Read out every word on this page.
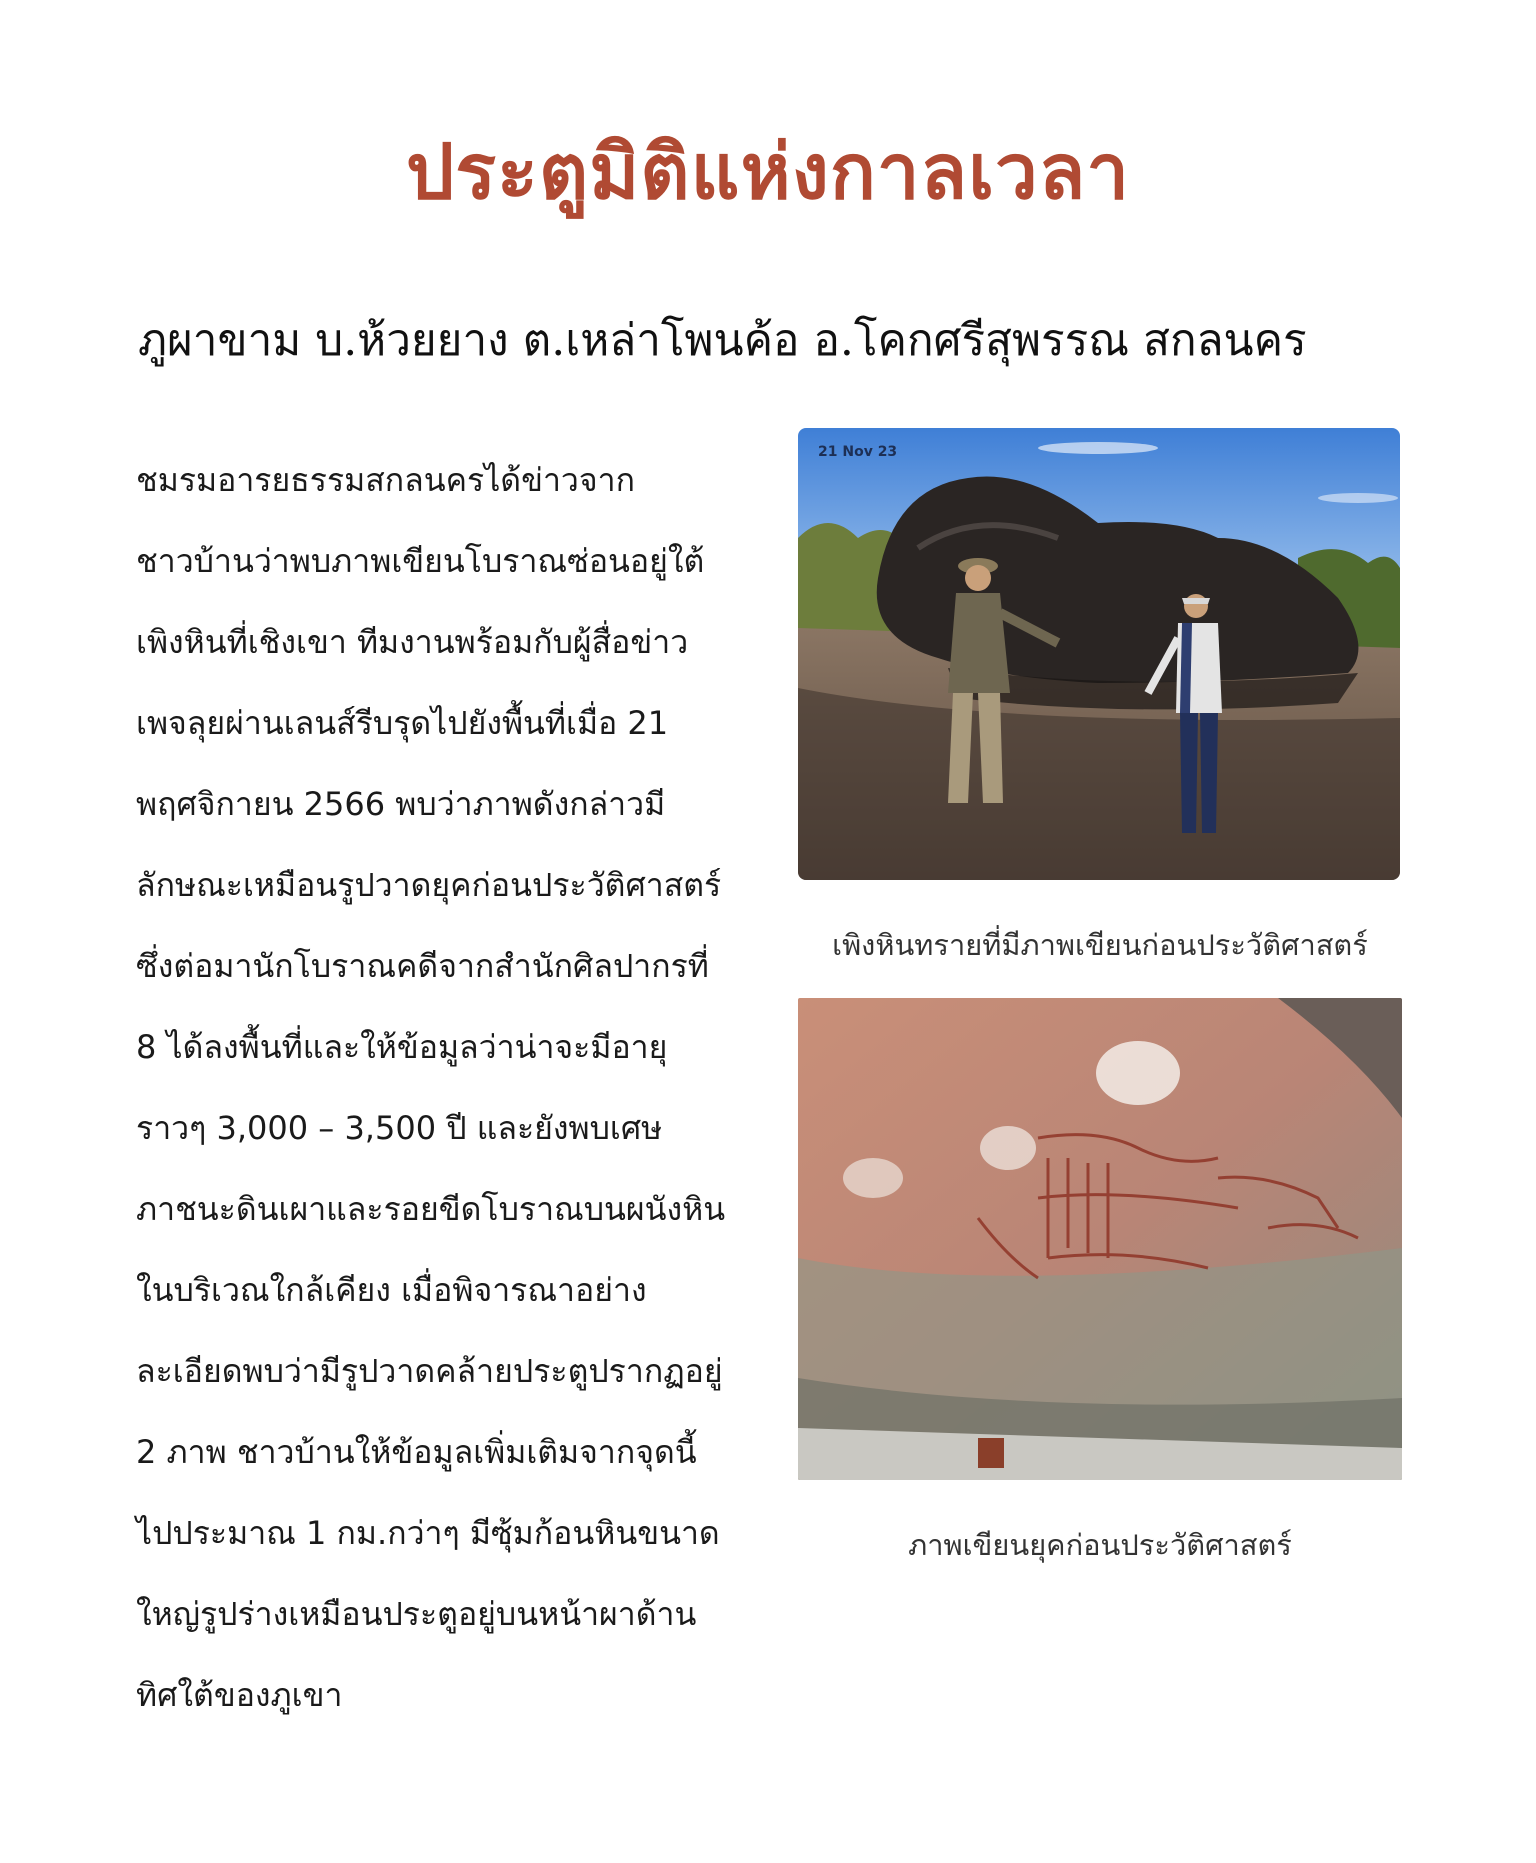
ประตูมิติแห่งกาลเวลา
ภูผาขาม บ.ห้วยยาง ต.เหล่าโพนค้อ อ.โคกศรีสุพรรณ สกลนคร
ชมรมอารยธรรมสกลนครได้ข่าวจาก
ชาวบ้านว่าพบภาพเขียนโบราณซ่อนอยู่ใต้
เพิงหินที่เชิงเขา ทีมงานพร้อมกับผู้สื่อข่าว
เพจลุยผ่านเลนส์รีบรุดไปยังพื้นที่เมื่อ 21
พฤศจิกายน 2566 พบว่าภาพดังกล่าวมี
ลักษณะเหมือนรูปวาดยุคก่อนประวัติศาสตร์
ซึ่งต่อมานักโบราณคดีจากสำนักศิลปากรที่
8 ได้ลงพื้นที่และให้ข้อมูลว่าน่าจะมีอายุ
ราวๆ 3,000 – 3,500 ปี และยังพบเศษ
ภาชนะดินเผาและรอยขีดโบราณบนผนังหิน
ในบริเวณใกล้เคียง เมื่อพิจารณาอย่าง
ละเอียดพบว่ามีรูปวาดคล้ายประตูปรากฏอยู่
2 ภาพ ชาวบ้านให้ข้อมูลเพิ่มเติมจากจุดนี้
ไปประมาณ 1 กม.กว่าๆ มีซุ้มก้อนหินขนาด
ใหญ่รูปร่างเหมือนประตูอยู่บนหน้าผาด้าน
ทิศใต้ของภูเขา
21 Nov 23
เพิงหินทรายที่มีภาพเขียนก่อนประวัติศาสตร์
ภาพเขียนยุคก่อนประวัติศาสตร์
